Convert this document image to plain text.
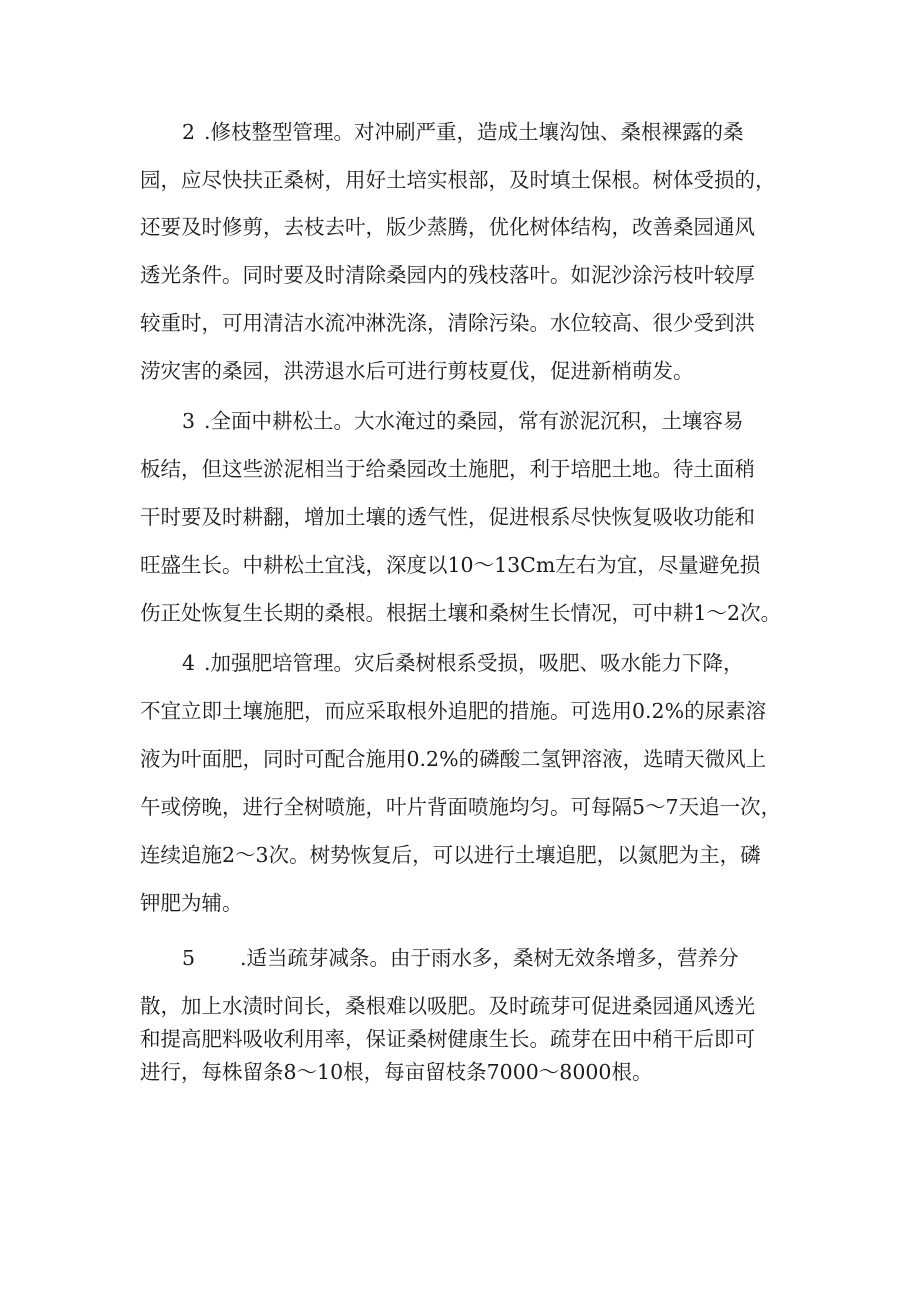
2 .修枝整型管理。对冲刷严重，造成土壤沟蚀、桑根裸露的桑

园，应尽快扶正桑树，用好土培实根部，及时填土保根。树体受损的，

还要及时修剪，去枝去叶，版少蒸腾，优化树体结构，改善桑园通风

透光条件。同时要及时清除桑园内的残枝落叶。如泥沙涂污枝叶较厚

较重时，可用清洁水流冲淋洗涤，清除污染。水位较高、很少受到洪

涝灾害的桑园，洪涝退水后可进行剪枝夏伐，促进新梢萌发。

3 .全面中耕松土。大水淹过的桑园，常有淤泥沉积，土壤容易

板结，但这些淤泥相当于给桑园改土施肥，利于培肥土地。待土面稍

干时要及时耕翻，增加土壤的透气性，促进根系尽快恢复吸收功能和

旺盛生长。中耕松土宜浅，深度以10～13Cm左右为宜，尽量避免损

伤正处恢复生长期的桑根。根据土壤和桑树生长情况，可中耕1～2次。

4 .加强肥培管理。灾后桑树根系受损，吸肥、吸水能力下降，

不宜立即土壤施肥，而应采取根外追肥的措施。可选用0.2%的尿素溶

液为叶面肥，同时可配合施用0.2%的磷酸二氢钾溶液，选晴天微风上

午或傍晚，进行全树喷施，叶片背面喷施均匀。可每隔5～7天追一次，

连续追施2～3次。树势恢复后，可以进行土壤追肥，以氮肥为主，磷

钾肥为辅。

5 .适当疏芽减条。由于雨水多，桑树无效条增多，营养分

散，加上水渍时间长，桑根难以吸肥。及时疏芽可促进桑园通风透光

和提高肥料吸收利用率，保证桑树健康生长。疏芽在田中稍干后即可

进行，每株留条8～10根，每亩留枝条7000～8000根。
